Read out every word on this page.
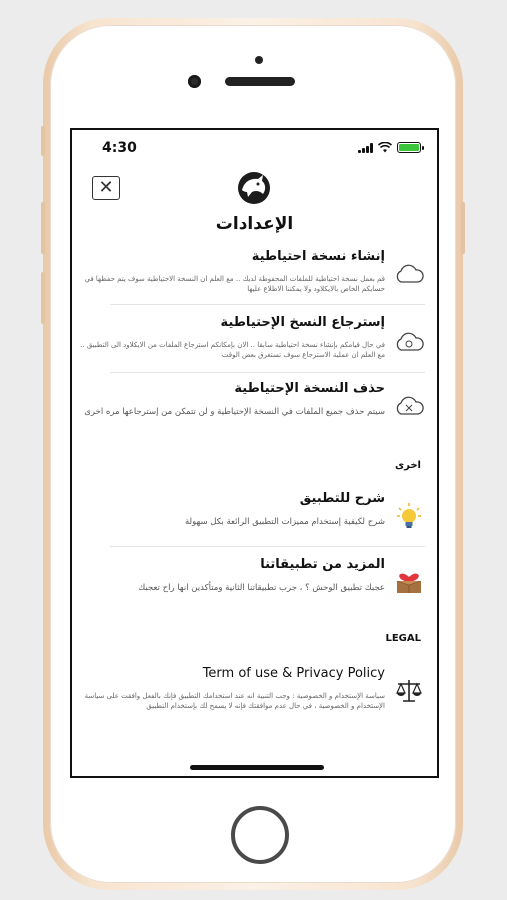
4:30
✕
الإعدادات
إنشاء نسخة احتياطية
قم بعمل نسخة احتياطية للملفات المحفوظة لديك .. مع العلم ان النسخة الاحتياطية سوف يتم حفظها في حسابكم الخاص بالايكلاود ولا يمكننا الاطلاع عليها
إسترجاع النسخ الإحتياطية
في حال قيامكم بإنشاء نسخة احتياطية سابقا .. الان بإمكانكم استرجاع الملفات من الايكلاود الى التطبيق .. مع العلم ان عملية الاسترجاع سوف تستغرق بعض الوقت
حذف النسخة الإحتياطية
سيتم حذف جميع الملفات في النسخة الإحتياطية و لن تتمكن من إسترجاعها مره اخرى
اخرى
شرح للتطبيق
شرح لكيفية إستخدام مميزات التطبيق الرائعة بكل سهولة
المزيد من تطبيقاتنا
عجبك تطبيق الوحش ؟ ، جرب تطبيقاتنا الثانية ومتأكدين انها راح تعجبك
LEGAL
Term of use & Privacy Policy
سياسة الإستخدام و الخصوصية : وجب التنبية انه عند استخدامك التطبيق فإنك بالفعل وافقت على سياسة الإستخدام و الخصوصية ، في حال عدم موافقتك فإنه لا يسمح لك بإستخدام التطبيق
